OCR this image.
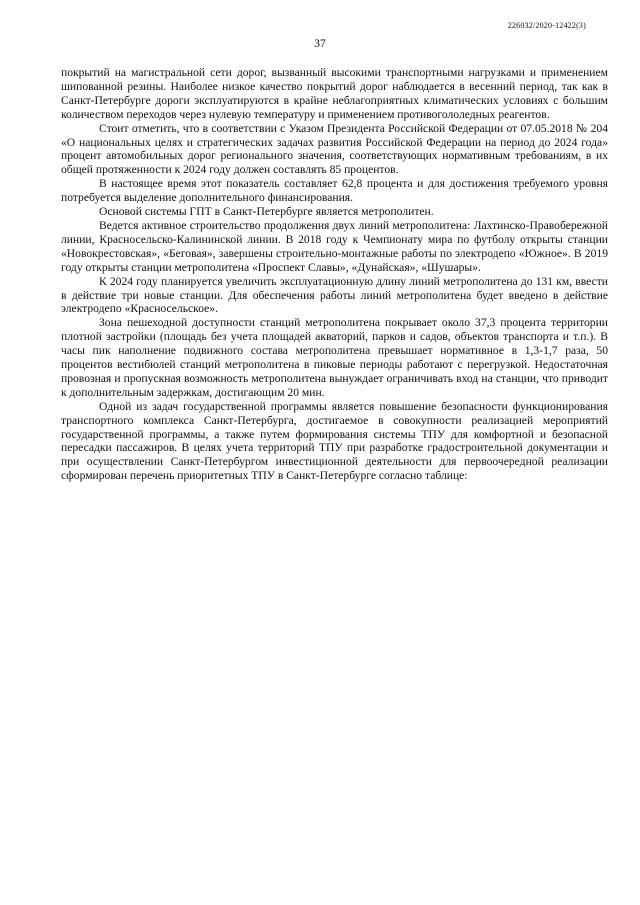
226032/2020-12422(3)
37

покрытий на магистральной сети дорог, вызванный высокими транспортными нагрузками и применением шипованной резины. Наиболее низкое качество покрытий дорог наблюдается в весенний период, так как в Санкт-Петербурге дороги эксплуатируются в крайне неблагоприятных климатических условиях с большим количеством переходов через нулевую температуру и применением противогололедных реагентов.

Стоит отметить, что в соответствии с Указом Президента Российской Федерации от 07.05.2018 № 204 «О национальных целях и стратегических задачах развития Российской Федерации на период до 2024 года» процент автомобильных дорог регионального значения, соответствующих нормативным требованиям, в их общей протяженности к 2024 году должен составлять 85 процентов.

В настоящее время этот показатель составляет 62,8 процента и для достижения требуемого уровня потребуется выделение дополнительного финансирования.

Основой системы ГПТ в Санкт-Петербурге является метрополитен.

Ведется активное строительство продолжения двух линий метрополитена: Лахтинско-Правобережной линии, Красносельско-Калининской линии. В 2018 году к Чемпионату мира по футболу открыты станции «Новокрестовская», «Беговая», завершены строительно-монтажные работы по электродепо «Южное». В 2019 году открыты станции метрополитена «Проспект Славы», «Дунайская», «Шушары».

К 2024 году планируется увеличить эксплуатационную длину линий метрополитена до 131 км, ввести в действие три новые станции. Для обеспечения работы линий метрополитена будет введено в действие электродепо «Красносельское».

Зона пешеходной доступности станций метрополитена покрывает около 37,3 процента территории плотной застройки (площадь без учета площадей акваторий, парков и садов, объектов транспорта и т.п.). В часы пик наполнение подвижного состава метрополитена превышает нормативное в 1,3-1,7 раза, 50 процентов вестибюлей станций метрополитена в пиковые периоды работают с перегрузкой. Недостаточная провозная и пропускная возможность метрополитена вынуждает ограничивать вход на станции, что приводит к дополнительным задержкам, достигающим 20 мин.

Одной из задач государственной программы является повышение безопасности функционирования транспортного комплекса Санкт-Петербурга, достигаемое в совокупности реализацией мероприятий государственной программы, а также путем формирования системы ТПУ для комфортной и безопасной пересадки пассажиров. В целях учета территорий ТПУ при разработке градостроительной документации и при осуществлении Санкт-Петербургом инвестиционной деятельности для первоочередной реализации сформирован перечень приоритетных ТПУ в Санкт-Петербурге согласно таблице:
